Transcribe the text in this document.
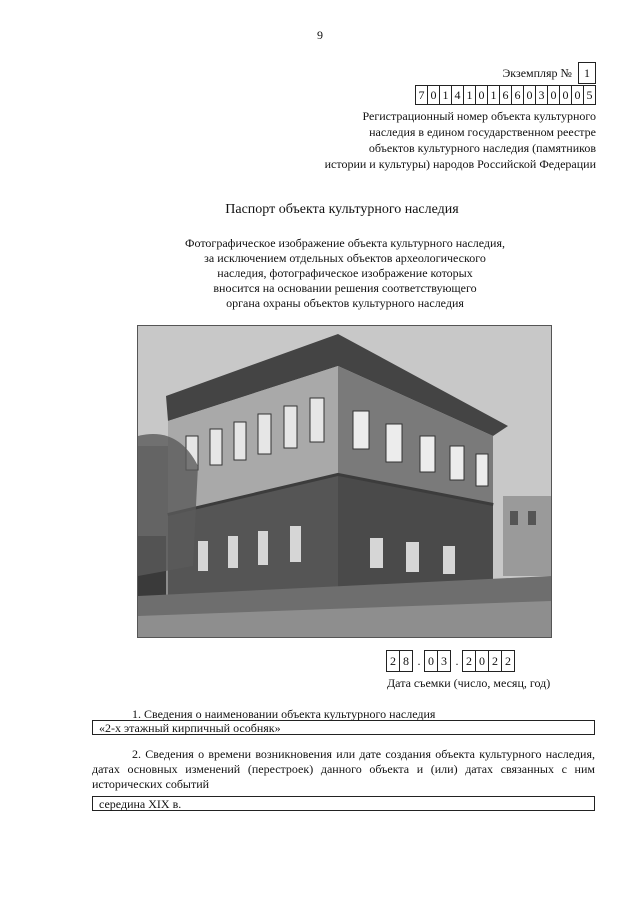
9
Экземпляр №	1
7 0 1 4 1 0 1 6 6 0 3 0 0 0 5
Регистрационный номер объекта культурного
наследия в едином государственном реестре
объектов культурного наследия (памятников
истории и культуры) народов Российской Федерации
Паспорт объекта культурного наследия
Фотографическое изображение объекта культурного наследия,
за исключением отдельных объектов археологического
наследия, фотографическое изображение которых
вносится на основании решения соответствующего
органа охраны объектов культурного наследия
2 8 . 0 3 . 2 0 2 2
Дата съемки (число, месяц, год)
1. Сведения о наименовании объекта культурного наследия
«2-х этажный кирпичный особняк»
2. Сведения о времени возникновения или дате создания объекта культурного наследия, датах основных изменений (перестроек) данного объекта и (или) датах связанных с ним исторических событий
середина XIX в.
